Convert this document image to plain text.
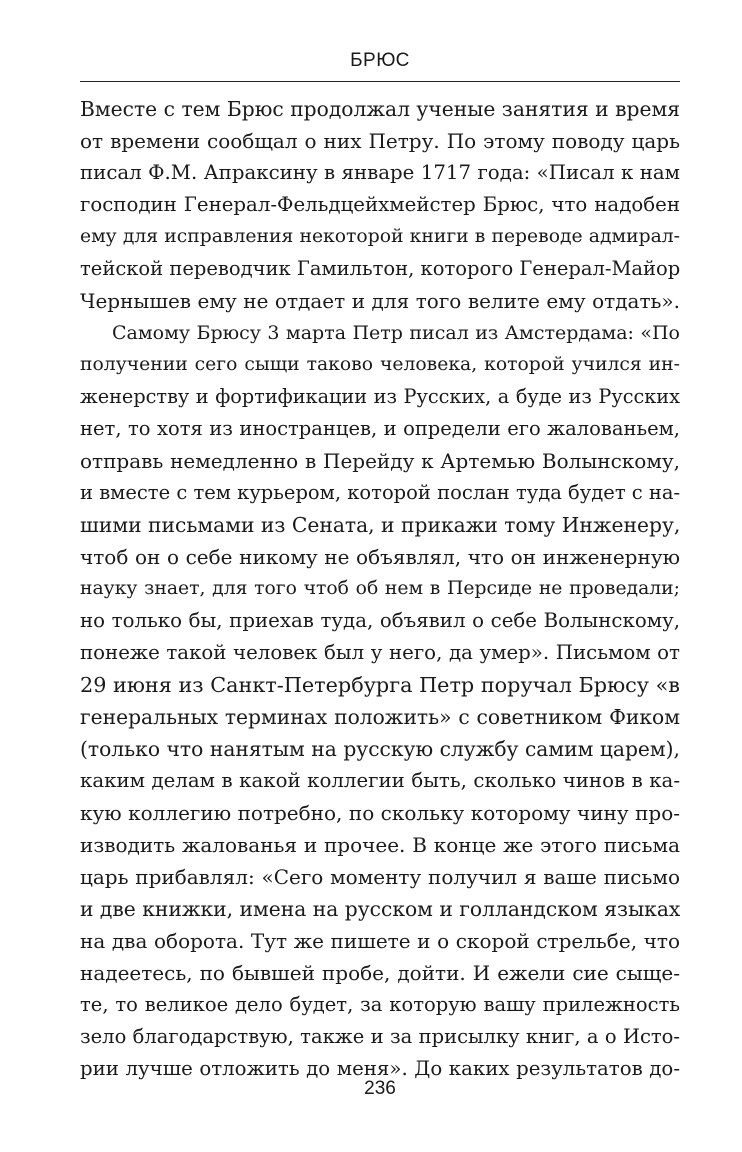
БРЮС
Вместе с тем Брюс продолжал ученые занятия и время
от времени сообщал о них Петру. По этому поводу царь
писал Ф.М. Апраксину в январе 1717 года: «Писал к нам
господин Генерал-Фельдцейхмейстер Брюс, что надобен
ему для исправления некоторой книги в переводе адмирал-
тейской переводчик Гамильтон, которого Генерал-Майор
Чернышев ему не отдает и для того велите ему отдать».
Самому Брюсу 3 марта Петр писал из Амстердама: «По
получении сего сыщи таково человека, которой учился ин-
женерству и фортификации из Русских, а буде из Русских
нет, то хотя из иностранцев, и определи его жалованьем,
отправь немедленно в Перейду к Артемью Волынскому,
и вместе с тем курьером, которой послан туда будет с на-
шими письмами из Сената, и прикажи тому Инженеру,
чтоб он о себе никому не объявлял, что он инженерную
науку знает, для того чтоб об нем в Персиде не проведали;
но только бы, приехав туда, объявил о себе Волынскому,
понеже такой человек был у него, да умер». Письмом от
29 июня из Санкт-Петербурга Петр поручал Брюсу «в
генеральных терминах положить» с советником Фиком
(только что нанятым на русскую службу самим царем),
каким делам в какой коллегии быть, сколько чинов в ка-
кую коллегию потребно, по скольку которому чину про-
изводить жалованья и прочее. В конце же этого письма
царь прибавлял: «Сего моменту получил я ваше письмо
и две книжки, имена на русском и голландском языках
на два оборота. Тут же пишете и о скорой стрельбе, что
надеетесь, по бывшей пробе, дойти. И ежели сие сыще-
те, то великое дело будет, за которую вашу прилежность
зело благодарствую, также и за присылку книг, а о Исто-
рии лучше отложить до меня». До каких результатов до-
236
